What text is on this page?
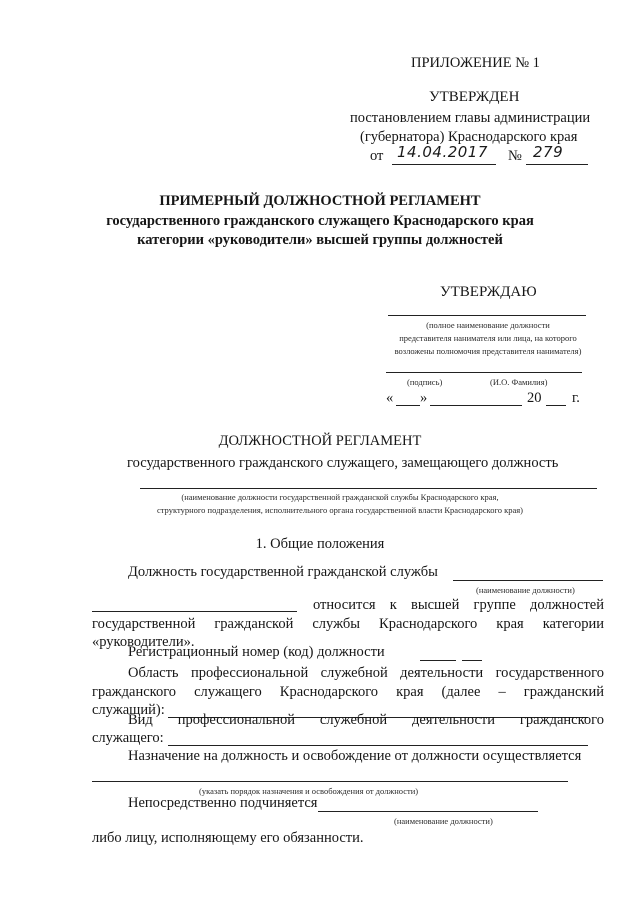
ПРИЛОЖЕНИЕ № 1
УТВЕРЖДЕН
постановлением главы администрации
(губернатора) Краснодарского края
от 14.04.2017 № 279
ПРИМЕРНЫЙ ДОЛЖНОСТНОЙ РЕГЛАМЕНТ
государственного гражданского служащего Краснодарского края
категории «руководители» высшей группы должностей
УТВЕРЖДАЮ
(полное наименование должности
представителя нанимателя или лица, на которого
возложены полномочия представителя нанимателя)
(подпись)	(И.О. Фамилия)
« »	20 г.
ДОЛЖНОСТНОЙ РЕГЛАМЕНТ
государственного гражданского служащего, замещающего должность
(наименование должности государственной гражданской службы Краснодарского края,
структурного подразделения, исполнительного органа государственной власти Краснодарского края)
1. Общие положения
Должность государственной гражданской службы
(наименование должности)
относится к высшей группе должностей
государственной гражданской службы Краснодарского края категории
«руководители».
Регистрационный номер (код) должности
Область профессиональной служебной деятельности государственного
гражданского служащего Краснодарского края (далее – гражданский
служащий):
Вид профессиональной служебной деятельности гражданского
служащего:
Назначение на должность и освобождение от должности осуществляется
(указать порядок назначения и освобождения от должности)
Непосредственно подчиняется
(наименование должности)
либо лицу, исполняющему его обязанности.
